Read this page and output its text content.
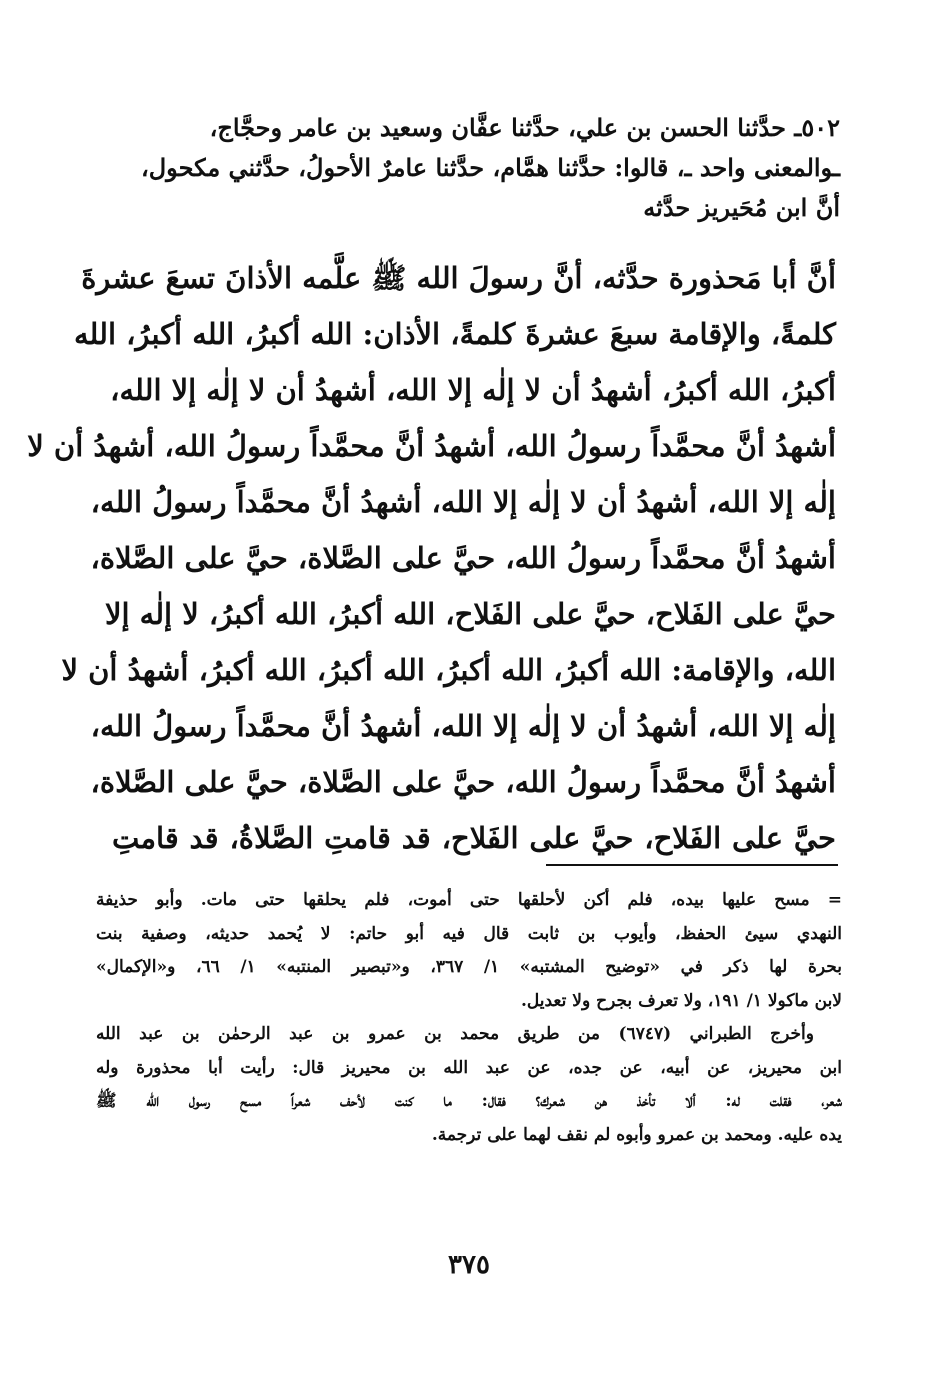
٥٠٢ـ حدَّثنا الحسن بن علي، حدَّثنا عفَّان وسعيد بن عامر وحجَّاج،
ـوالمعنى واحد ـ، قالوا: حدَّثنا همَّام، حدَّثنا عامرٌ الأحولُ، حدَّثني مكحول،
أنَّ ابن مُحَيريز حدَّثه
أنَّ أبا مَحذورة حدَّثه، أنَّ رسولَ الله ﷺ علَّمه الأذانَ تسعَ عشرةَ
كلمةً، والإقامة سبعَ عشرةَ كلمةً، الأذان: الله أكبرُ، الله أكبرُ، الله
أكبرُ، الله أكبرُ، أشهدُ أن لا إلٰه إلا الله، أشهدُ أن لا إلٰه إلا الله،
أشهدُ أنَّ محمَّداً رسولُ الله، أشهدُ أنَّ محمَّداً رسولُ الله، أشهدُ أن لا
إلٰه إلا الله، أشهدُ أن لا إلٰه إلا الله، أشهدُ أنَّ محمَّداً رسولُ الله،
أشهدُ أنَّ محمَّداً رسولُ الله، حيَّ على الصَّلاة، حيَّ على الصَّلاة،
حيَّ على الفَلاح، حيَّ على الفَلاح، الله أكبرُ، الله أكبرُ، لا إلٰه إلا
الله، والإقامة: الله أكبرُ، الله أكبرُ، الله أكبرُ، الله أكبرُ، أشهدُ أن لا
إلٰه إلا الله، أشهدُ أن لا إلٰه إلا الله، أشهدُ أنَّ محمَّداً رسولُ الله،
أشهدُ أنَّ محمَّداً رسولُ الله، حيَّ على الصَّلاة، حيَّ على الصَّلاة،
حيَّ على الفَلاح، حيَّ على الفَلاح، قد قامتِ الصَّلاةُ، قد قامتِ
= مسح عليها بيده، فلم أكن لأحلقها حتى أموت، فلم يحلقها حتى مات. وأبو حذيفة
النهدي سيئ الحفظ، وأيوب بن ثابت قال فيه أبو حاتم: لا يُحمد حديثه، وصفية بنت
بحرة لها ذكر في «توضيح المشتبه» ١/ ٣٦٧، و«تبصير المنتبه» ١/ ٦٦، و«الإكمال»
لابن ماكولا ١/ ١٩١، ولا تعرف بجرح ولا تعديل.
وأخرج الطبراني (٦٧٤٧) من طريق محمد بن عمرو بن عبد الرحمٰن بن عبد الله
ابن محيريز، عن أبيه، عن جده، عن عبد الله بن محيريز قال: رأيت أبا محذورة وله
شعر، فقلت له: ألا تأخذ هن شعرك؟ فقال: ما كنت لأحف شعراً مسح رسول الله ﷺ
يده عليه. ومحمد بن عمرو وأبوه لم نقف لهما على ترجمة.
٣٧٥
